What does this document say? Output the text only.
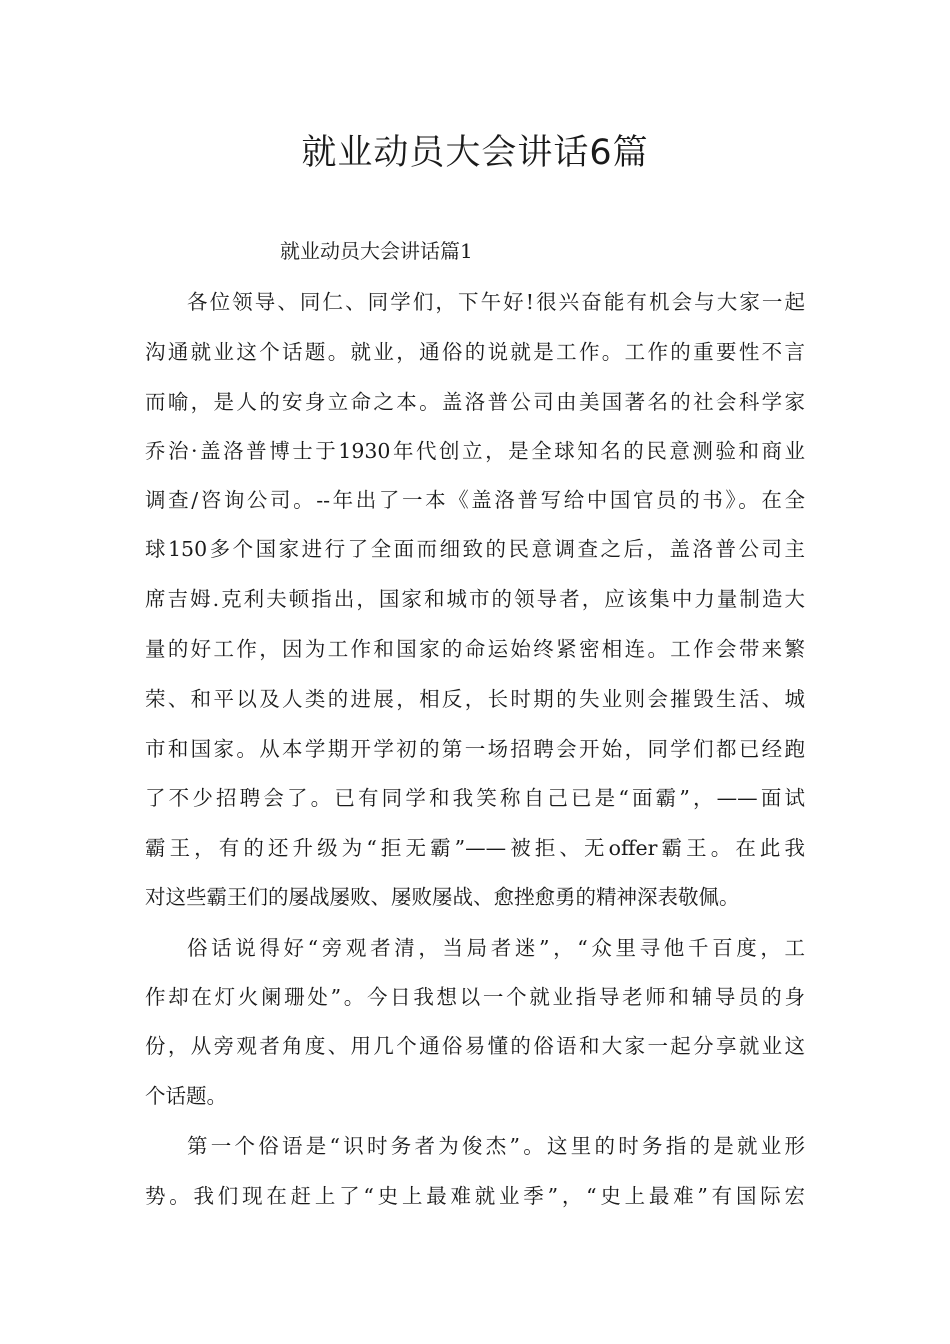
就业动员大会讲话6篇
就业动员大会讲话篇1
各位领导、同仁、同学们，下午好!很兴奋能有机会与大家一起
沟通就业这个话题。就业，通俗的说就是工作。工作的重要性不言
而喻，是人的安身立命之本。盖洛普公司由美国著名的社会科学家
乔治·盖洛普博士于1930年代创立，是全球知名的民意测验和商业
调查/咨询公司。--年出了一本《盖洛普写给中国官员的书》。在全
球150多个国家进行了全面而细致的民意调查之后，盖洛普公司主
席吉姆.克利夫顿指出，国家和城市的领导者，应该集中力量制造大
量的好工作，因为工作和国家的命运始终紧密相连。工作会带来繁
荣、和平以及人类的进展，相反，长时期的失业则会摧毁生活、城
市和国家。从本学期开学初的第一场招聘会开始，同学们都已经跑
了不少招聘会了。已有同学和我笑称自己已是“面霸”，——面试
霸王，有的还升级为“拒无霸”——被拒、无offer霸王。在此我
对这些霸王们的屡战屡败、屡败屡战、愈挫愈勇的精神深表敬佩。
俗话说得好“旁观者清，当局者迷”，“众里寻他千百度，工
作却在灯火阑珊处”。今日我想以一个就业指导老师和辅导员的身
份，从旁观者角度、用几个通俗易懂的俗语和大家一起分享就业这
个话题。
第一个俗语是“识时务者为俊杰”。这里的时务指的是就业形
势。我们现在赶上了“史上最难就业季”，“史上最难”有国际宏
